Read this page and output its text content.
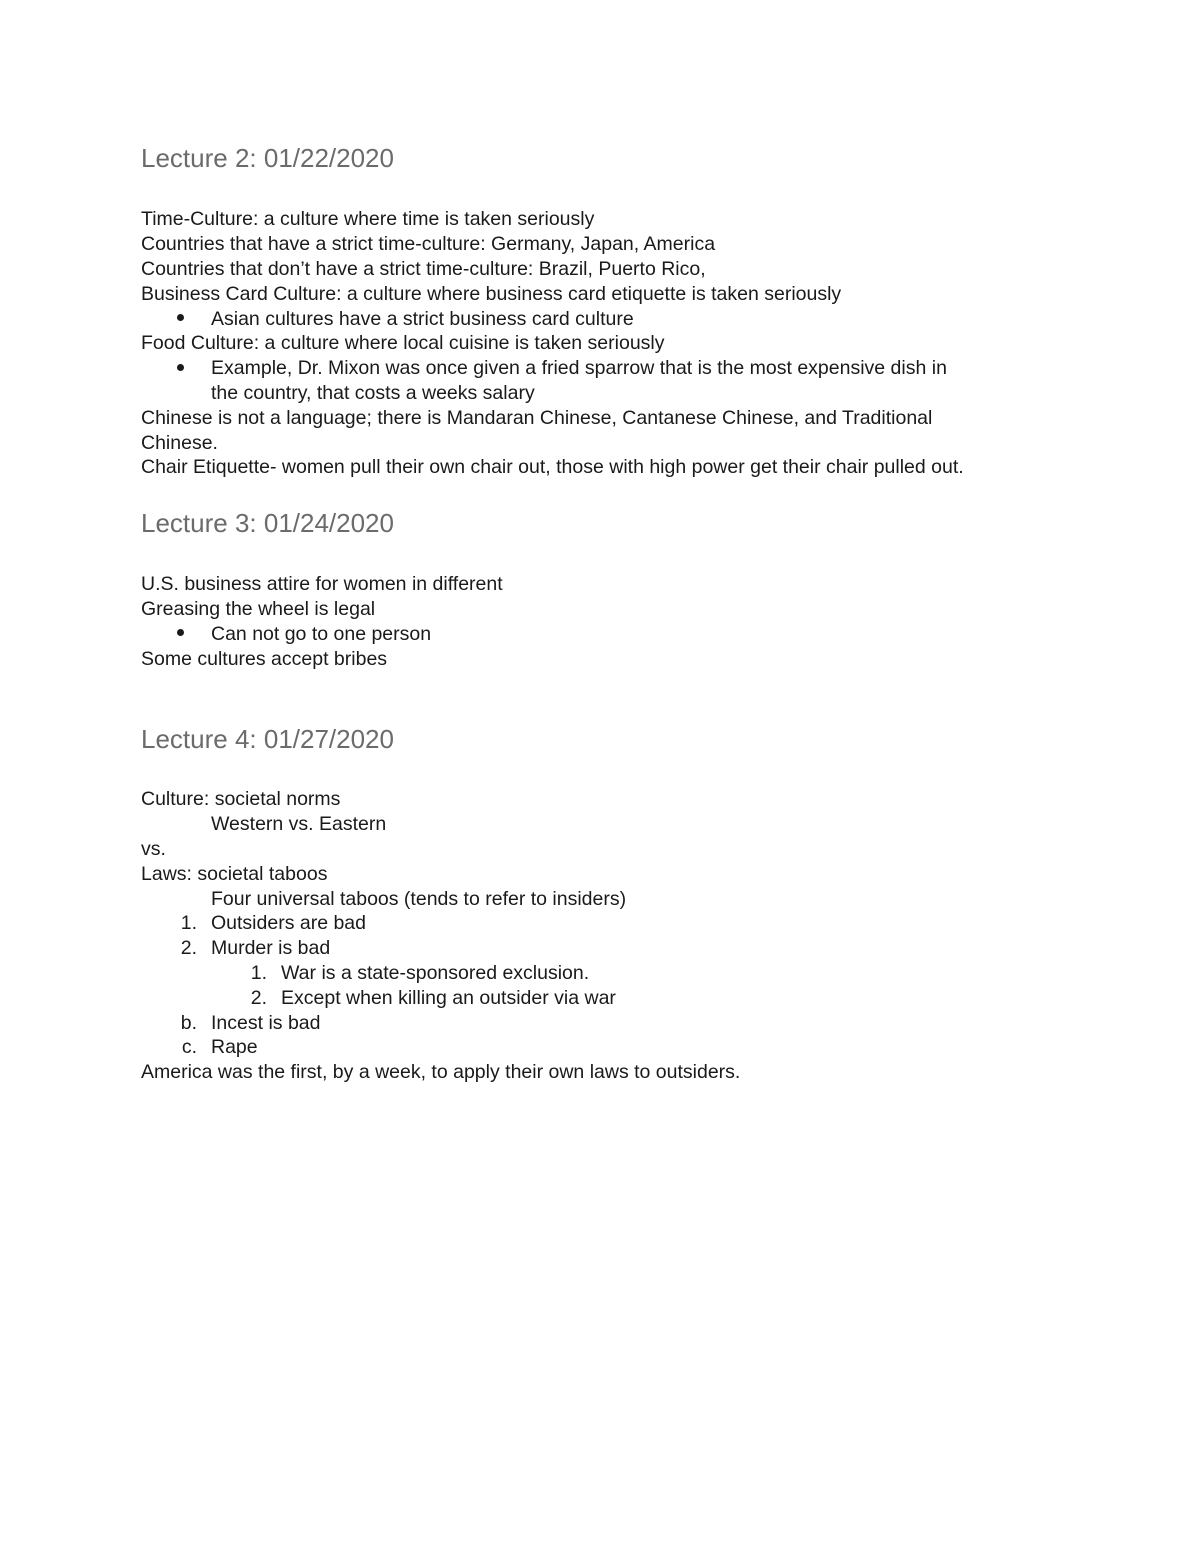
Lecture 2: 01/22/2020
Time-Culture: a culture where time is taken seriously
Countries that have a strict time-culture: Germany, Japan, America
Countries that don’t have a strict time-culture: Brazil, Puerto Rico,
Business Card Culture: a culture where business card etiquette is taken seriously
Asian cultures have a strict business card culture
Food Culture: a culture where local cuisine is taken seriously
Example, Dr. Mixon was once given a fried sparrow that is the most expensive dish in
the country, that costs a weeks salary
Chinese is not a language; there is Mandaran Chinese, Cantanese Chinese, and Traditional
Chinese.
Chair Etiquette- women pull their own chair out, those with high power get their chair pulled out.
Lecture 3: 01/24/2020
U.S. business attire for women in different
Greasing the wheel is legal
Can not go to one person
Some cultures accept bribes
Lecture 4: 01/27/2020
Culture: societal norms
Western vs. Eastern
vs.
Laws: societal taboos
Four universal taboos (tends to refer to insiders)
1. Outsiders are bad
2. Murder is bad
1. War is a state-sponsored exclusion.
2. Except when killing an outsider via war
b. Incest is bad
c. Rape
America was the first, by a week, to apply their own laws to outsiders.
